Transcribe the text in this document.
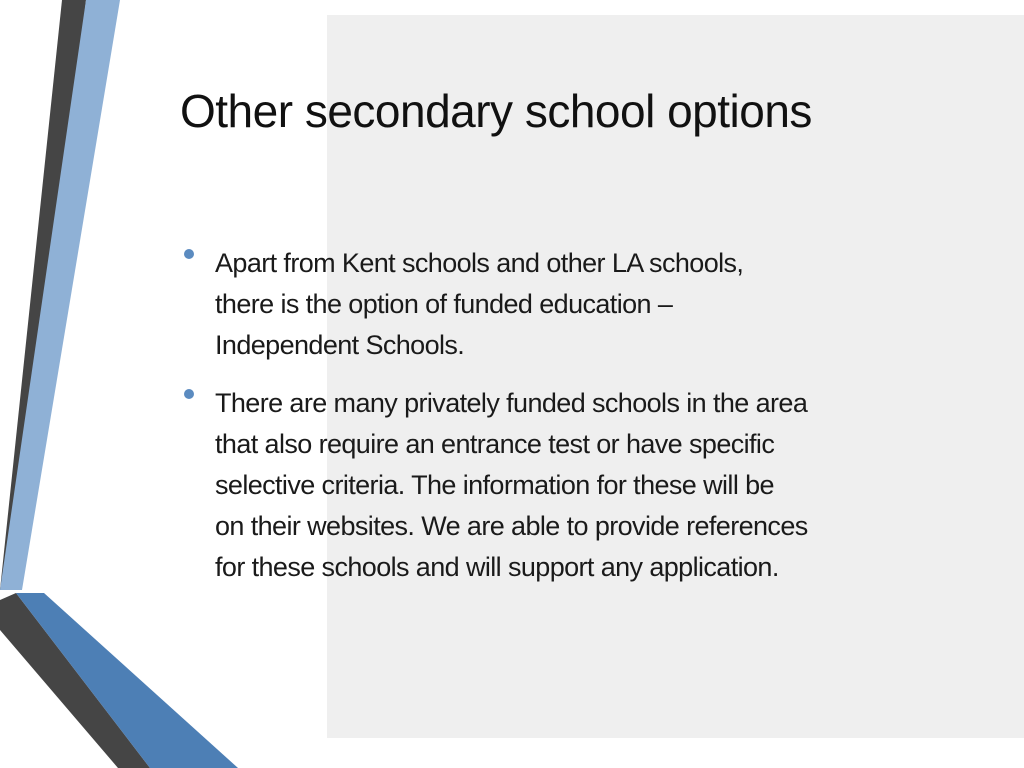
Other secondary school options
Apart from Kent schools and other LA schools,
there is the option of funded education –
Independent Schools.
There are many privately funded schools in the area
that also require an entrance test or have specific
selective criteria. The information for these will be
on their websites. We are able to provide references
for these schools and will support any application.
